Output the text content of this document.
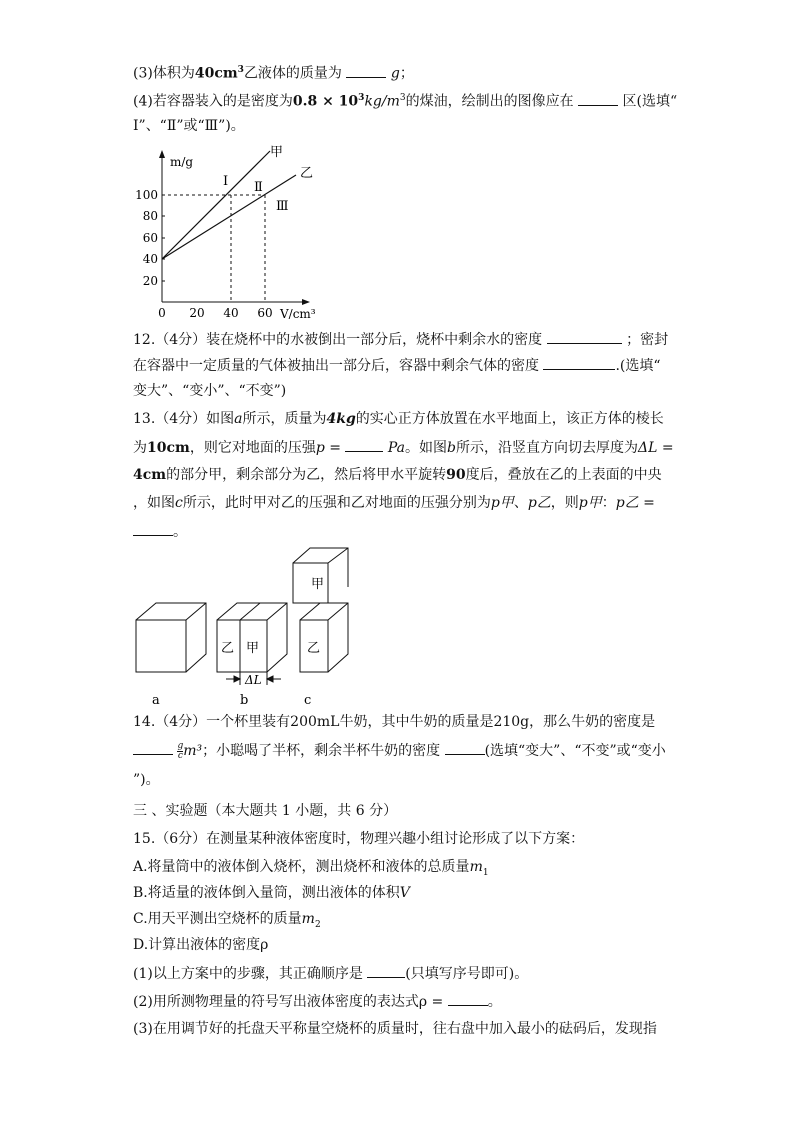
(3)体积为$40cm^3$乙液体的质量为	g；
(4)若容器装入的是密度为$0.8 \times 10^3kg/m^3$的煤油，绘制出的图像应在	区(选填“
Ⅰ”、“Ⅱ”或“Ⅲ”)。
m/g
V/cm³
100
80
60
40
20
0 20 40 60
甲
乙
Ⅰ Ⅱ
Ⅲ
12.（4分）装在烧杯中的水被倒出一部分后，烧杯中剩余水的密度	；密封
在容器中一定质量的气体被抽出一部分后，容器中剩余气体的密度	.(选填“
变大”、“变小”、“不变”)
13.（4分）如图a所示，质量为4kg的实心正方体放置在水平地面上，该正方体的棱长
为10cm，则它对地面的压强p =	Pa。如图b所示，沿竖直方向切去厚度为ΔL =
4cm的部分甲，剩余部分为乙，然后将甲水平旋转90度后，叠放在乙的上表面的中央
，如图c所示，此时甲对乙的压强和乙对地面的压强分别为p甲、p乙，则p甲：p乙 =
。
乙 甲
ΔL
甲
乙
a	b	c
14.（4分）一个杯里装有200mL牛奶，其中牛奶的质量是210g，那么牛奶的密度是

$\frac{g}{c} m^3$；小聪喝了半杯，剩余半杯牛奶的密度	(选填“变大”、“不变”或“变小
”)。
三 、实验题（本大题共 1 小题，共 6 分）
15.（6分）在测量某种液体密度时，物理兴趣小组讨论形成了以下方案：
A.将量筒中的液体倒入烧杯，测出烧杯和液体的总质量$m_1$
B.将适量的液体倒入量筒，测出液体的体积V
C.用天平测出空烧杯的质量$m_2$
D.计算出液体的密度ρ
(1)以上方案中的步骤，其正确顺序是	(只填写序号即可)。
(2)用所测物理量的符号写出液体密度的表达式ρ =	。
(3)在用调节好的托盘天平称量空烧杯的质量时，往右盘中加入最小的砝码后，发现指
